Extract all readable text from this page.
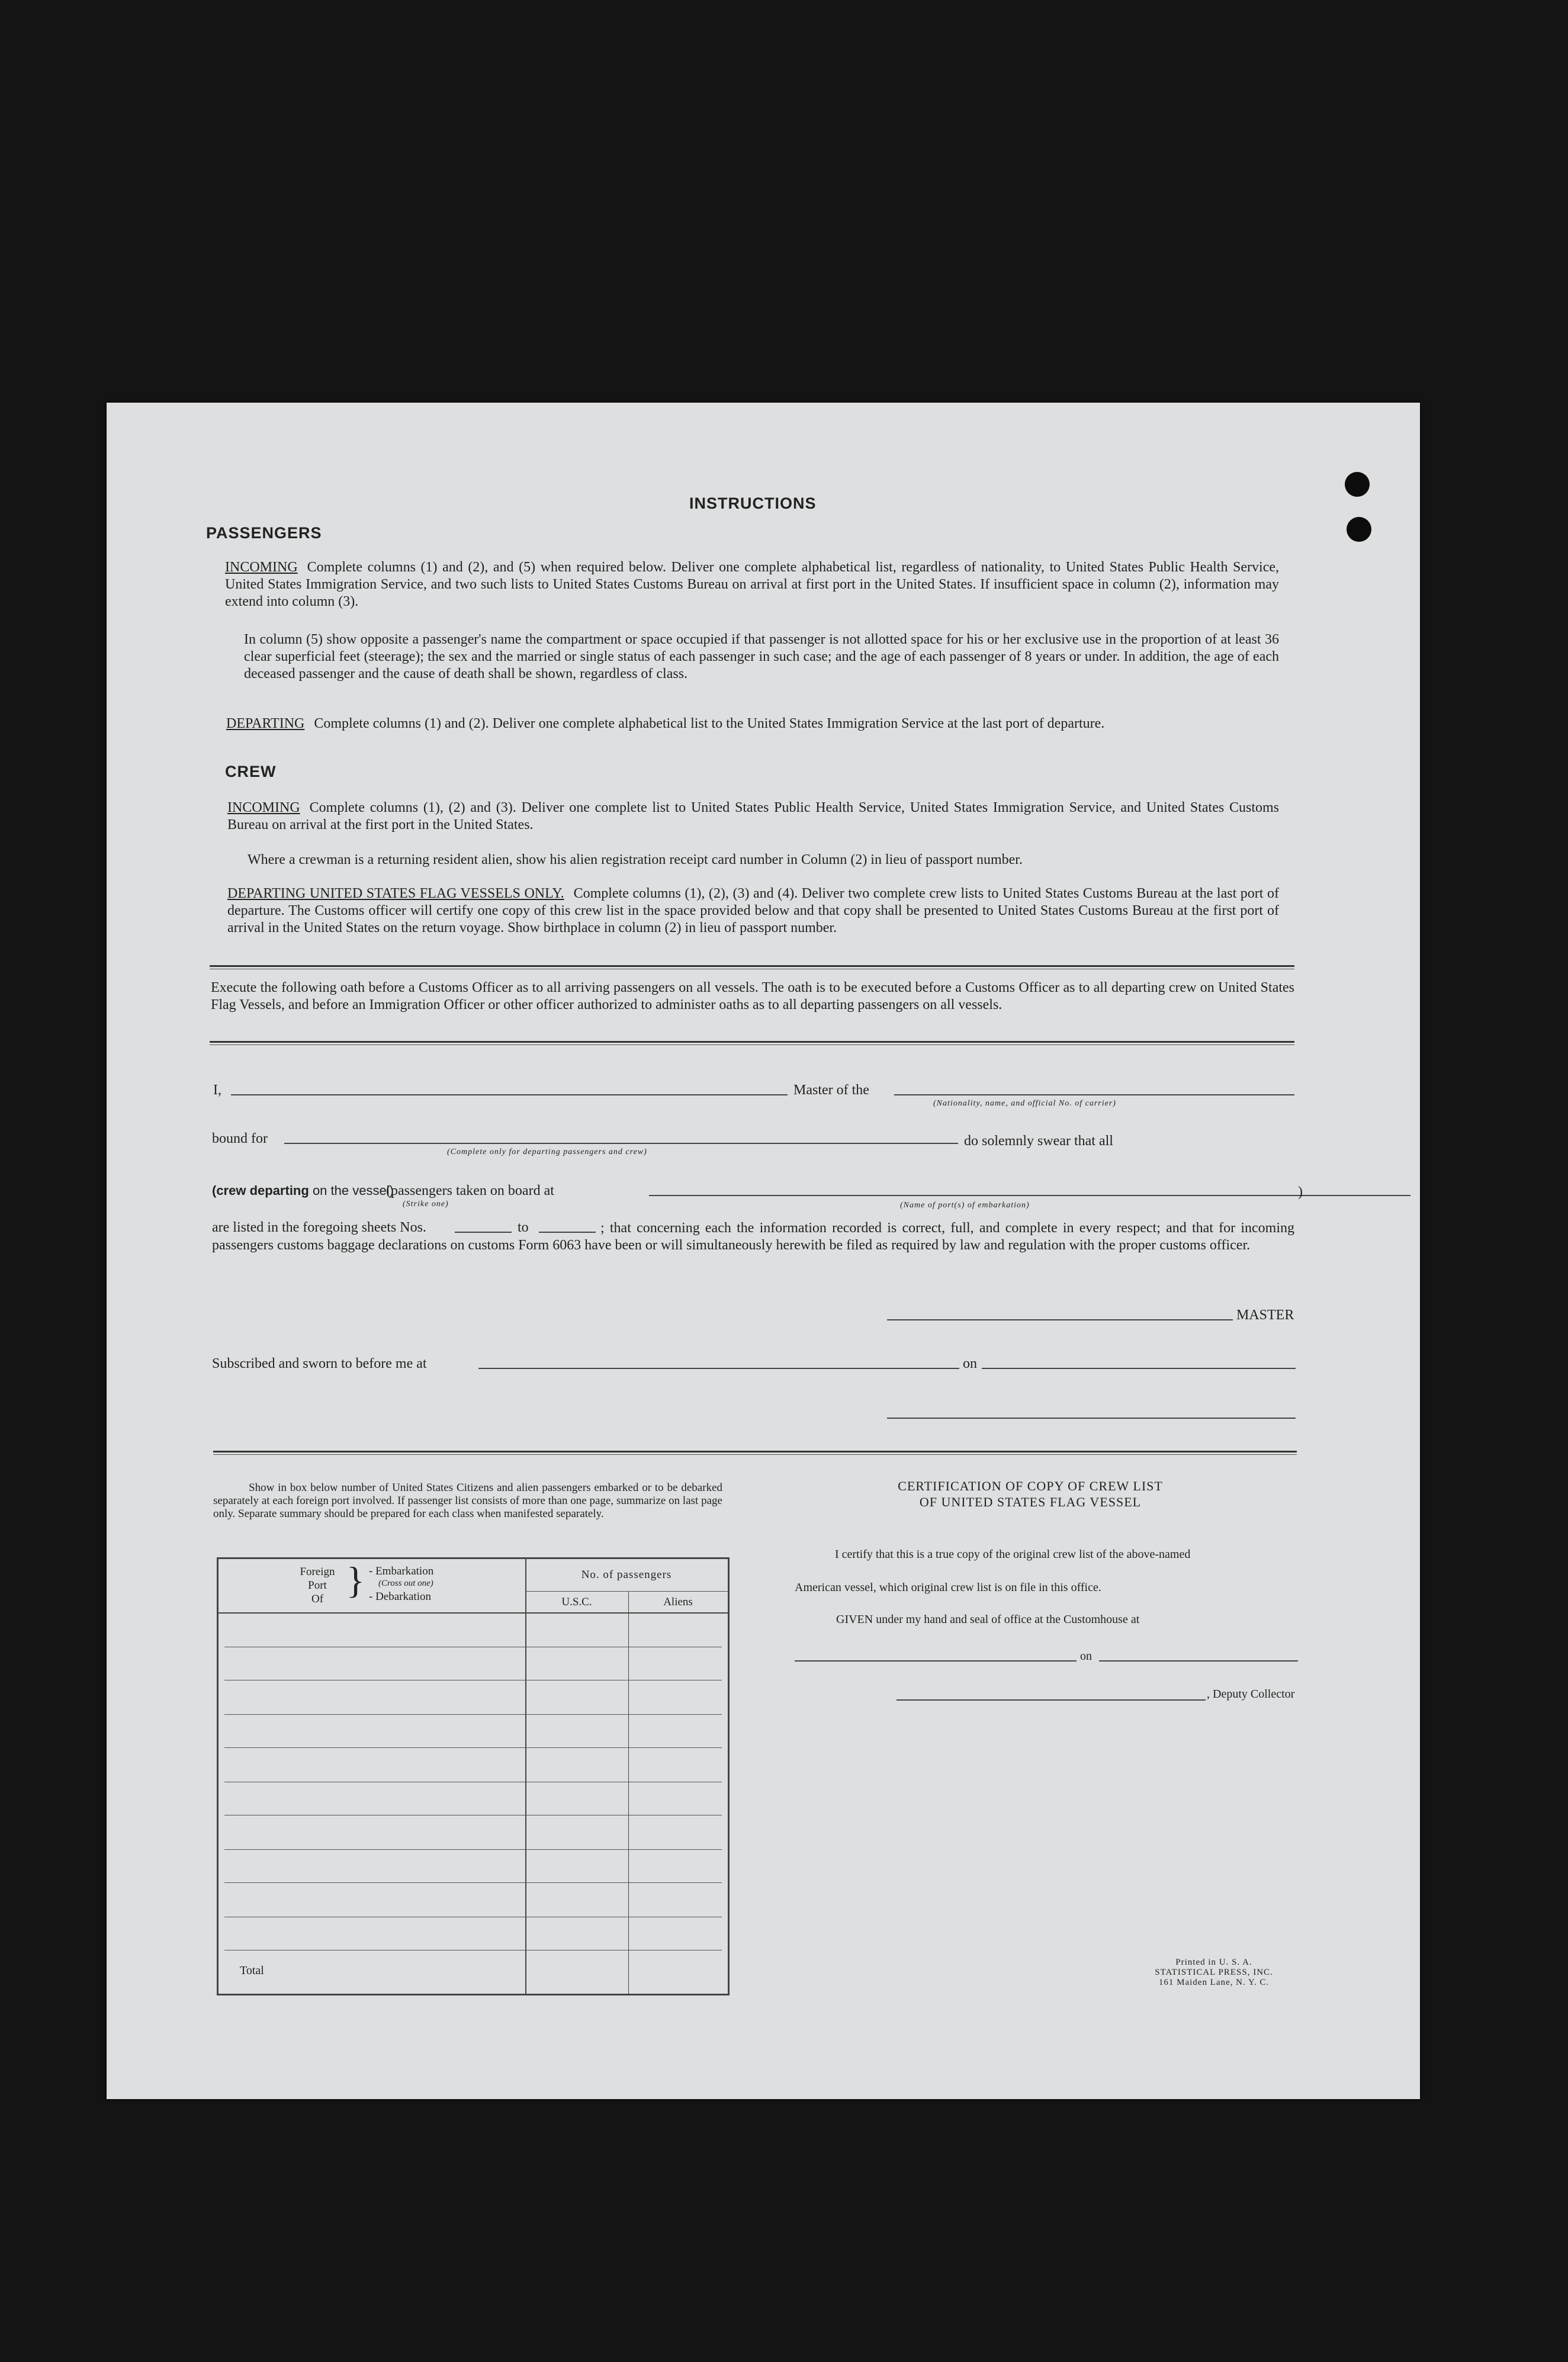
INSTRUCTIONS
PASSENGERS
INCOMING Complete columns (1) and (2), and (5) when required below. Deliver one complete alphabetical list, regardless of nationality, to United States Public Health Service, United States Immigration Service, and two such lists to United States Customs Bureau on arrival at first port in the United States. If insufficient space in column (2), information may extend into column (3).
In column (5) show opposite a passenger's name the compartment or space occupied if that passenger is not allotted space for his or her exclusive use in the proportion of at least 36 clear superficial feet (steerage); the sex and the married or single status of each passenger in such case; and the age of each passenger of 8 years or under. In addition, the age of each deceased passenger and the cause of death shall be shown, regardless of class.
DEPARTING Complete columns (1) and (2). Deliver one complete alphabetical list to the United States Immigration Service at the last port of departure.
CREW
INCOMING Complete columns (1), (2) and (3). Deliver one complete list to United States Public Health Service, United States Immigration Service, and United States Customs Bureau on arrival at the first port in the United States.
Where a crewman is a returning resident alien, show his alien registration receipt card number in Column (2) in lieu of passport number.
DEPARTING UNITED STATES FLAG VESSELS ONLY. Complete columns (1), (2), (3) and (4). Deliver two complete crew lists to United States Customs Bureau at the last port of departure. The Customs officer will certify one copy of this crew list in the space provided below and that copy shall be presented to United States Customs Bureau at the first port of arrival in the United States on the return voyage. Show birthplace in column (2) in lieu of passport number.
Execute the following oath before a Customs Officer as to all arriving passengers on all vessels. The oath is to be executed before a Customs Officer as to all departing crew on United States Flag Vessels, and before an Immigration Officer or other officer authorized to administer oaths as to all departing passengers on all vessels.
I,	Master of the
(Nationality, name, and official No. of carrier)
bound for
(Complete only for departing passengers and crew)
do solemnly swear that all
(crew departing on the vessel)
(passengers taken on board at
(Strike one)
)
(Name of port(s) of embarkation)
are listed in the foregoing sheets Nos.	to	; that concerning each the information recorded is correct, full, and complete in every respect; and that for incoming passengers customs baggage declarations on customs Form 6063 have been or will simultaneously herewith be filed as required by law and regulation with the proper customs officer.
MASTER
Subscribed and sworn to before me at	on
Show in box below number of United States Citizens and alien passengers embarked or to be debarked separately at each foreign port involved. If passenger list consists of more than one page, summarize on last page only. Separate summary should be prepared for each class when manifested separately.
Foreign
Port
Of } - Embarkation
(Cross out one)
- Debarkation
No. of passengers
U.S.C.	Aliens
Total
CERTIFICATION OF COPY OF CREW LIST
OF UNITED STATES FLAG VESSEL
I certify that this is a true copy of the original crew list of the above-named
American vessel, which original crew list is on file in this office.
GIVEN under my hand and seal of office at the Customhouse at
on
, Deputy Collector
Printed in U. S. A.
STATISTICAL PRESS, INC.
161 Maiden Lane, N. Y. C.
